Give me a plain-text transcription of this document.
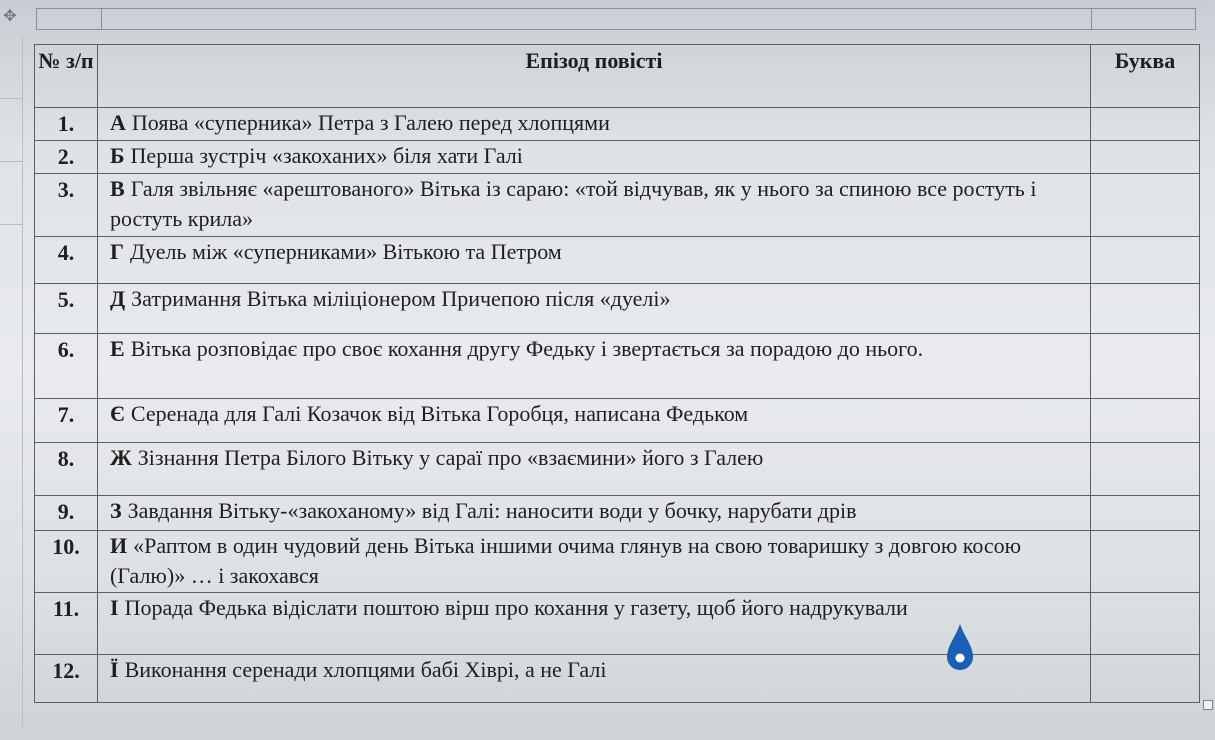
✥
№ з/п	Епізод повісті	Буква
1.	А Поява «суперника» Петра з Галею перед хлопцями	
2.	Б Перша зустріч «закоханих» біля хати Галі	
3.	В Галя звільняє «арештованого» Вітька із сараю: «той відчував, як у нього за спиною все ростуть і ростуть крила»	
4.	Г Дуель між «суперниками» Вітькою та Петром	
5.	Д Затримання Вітька міліціонером Причепою після «дуелі»	
6.	Е Вітька розповідає про своє кохання другу Федьку і звертається за порадою до нього.	
7.	Є Серенада для Галі Козачок від Вітька Горобця, написана Федьком	
8.	Ж Зізнання Петра Білого Вітьку у сараї про «взаємини» його з Галею	
9.	З Завдання Вітьку-«закоханому» від Галі: наносити води у бочку, нарубати дрів	
10.	И «Раптом в один чудовий день Вітька іншими очима глянув на свою товаришку з довгою косою (Галю)» … і закохався	
11.	І Порада Федька відіслати поштою вірш про кохання у газету, щоб його надрукували	
12.	Ї Виконання серенади хлопцями бабі Хіврі, а не Галі	
